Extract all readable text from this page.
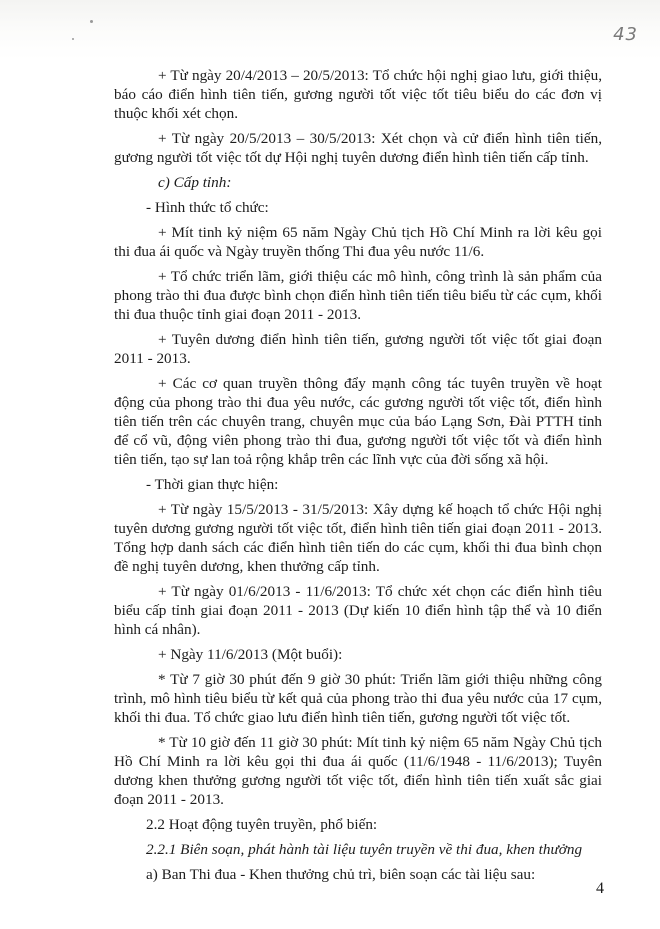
43

+ Từ ngày 20/4/2013 – 20/5/2013: Tổ chức hội nghị giao lưu, giới thiệu, báo cáo điển hình tiên tiến, gương người tốt việc tốt tiêu biểu do các đơn vị thuộc khối xét chọn.

+ Từ ngày 20/5/2013 – 30/5/2013: Xét chọn và cử điển hình tiên tiến, gương người tốt việc tốt dự Hội nghị tuyên dương điển hình tiên tiến cấp tỉnh.

c) Cấp tỉnh:

- Hình thức tổ chức:

+ Mít tinh kỷ niệm 65 năm Ngày Chủ tịch Hồ Chí Minh ra lời kêu gọi thi đua ái quốc và Ngày truyền thống Thi đua yêu nước 11/6.

+ Tổ chức triển lãm, giới thiệu các mô hình, công trình là sản phẩm của phong trào thi đua được bình chọn điển hình tiên tiến tiêu biểu từ các cụm, khối thi đua thuộc tỉnh giai đoạn 2011 - 2013.

+ Tuyên dương điển hình tiên tiến, gương người tốt việc tốt giai đoạn 2011 - 2013.

+ Các cơ quan truyền thông đẩy mạnh công tác tuyên truyền về hoạt động của phong trào thi đua yêu nước, các gương người tốt việc tốt, điển hình tiên tiến trên các chuyên trang, chuyên mục của báo Lạng Sơn, Đài PTTH tỉnh để cổ vũ, động viên phong trào thi đua, gương người tốt việc tốt và điển hình tiên tiến, tạo sự lan toả rộng khắp trên các lĩnh vực của đời sống xã hội.

- Thời gian thực hiện:

+ Từ ngày 15/5/2013 - 31/5/2013: Xây dựng kế hoạch tổ chức Hội nghị tuyên dương gương người tốt việc tốt, điển hình tiên tiến giai đoạn 2011 - 2013. Tổng hợp danh sách các điển hình tiên tiến do các cụm, khối thi đua bình chọn đề nghị tuyên dương, khen thưởng cấp tỉnh.

+ Từ ngày 01/6/2013 - 11/6/2013: Tổ chức xét chọn các điển hình tiêu biểu cấp tỉnh giai đoạn 2011 - 2013 (Dự kiến 10 điển hình tập thể và 10 điển hình cá nhân).

+ Ngày 11/6/2013 (Một buổi):

* Từ 7 giờ 30 phút đến 9 giờ 30 phút: Triển lãm giới thiệu những công trình, mô hình tiêu biểu từ kết quả của phong trào thi đua yêu nước của 17 cụm, khối thi đua. Tổ chức giao lưu điển hình tiên tiến, gương người tốt việc tốt.

* Từ 10 giờ đến 11 giờ 30 phút: Mít tinh kỷ niệm 65 năm Ngày Chủ tịch Hồ Chí Minh ra lời kêu gọi thi đua ái quốc (11/6/1948 - 11/6/2013); Tuyên dương khen thưởng gương người tốt việc tốt, điển hình tiên tiến xuất sắc giai đoạn 2011 - 2013.

2.2 Hoạt động tuyên truyền, phổ biến:

2.2.1 Biên soạn, phát hành tài liệu tuyên truyền về thi đua, khen thưởng

a) Ban Thi đua - Khen thưởng chủ trì, biên soạn các tài liệu sau:

4
